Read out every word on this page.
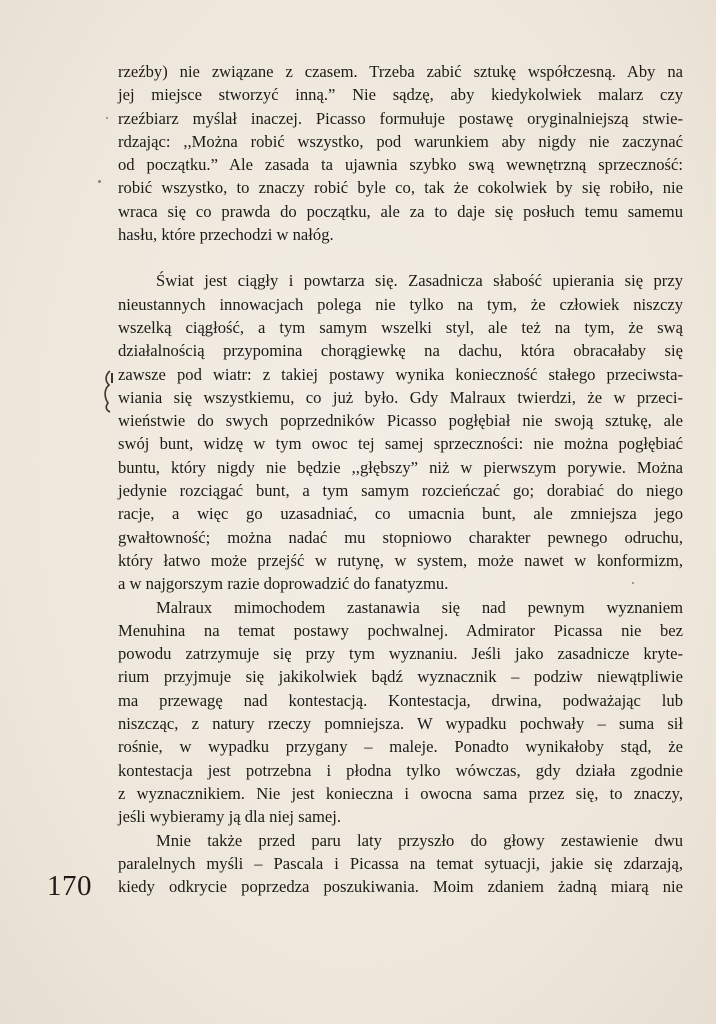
rzeźby) nie związane z czasem. Trzeba zabić sztukę współczesną. Aby na

jej miejsce stworzyć inną.” Nie sądzę, aby kiedykolwiek malarz czy

rzeźbiarz myślał inaczej. Picasso formułuje postawę oryginalniejszą stwie-

rdzając: ,,Można robić wszystko, pod warunkiem aby nigdy nie zaczynać

od początku.” Ale zasada ta ujawnia szybko swą wewnętrzną sprzeczność:

robić wszystko, to znaczy robić byle co, tak że cokolwiek by się robiło, nie

wraca się co prawda do początku, ale za to daje się posłuch temu samemu

hasłu, które przechodzi w nałóg.

Świat jest ciągły i powtarza się. Zasadnicza słabość upierania się przy

nieustannych innowacjach polega nie tylko na tym, że człowiek niszczy

wszelką ciągłość, a tym samym wszelki styl, ale też na tym, że swą

działalnością przypomina chorągiewkę na dachu, która obracałaby się

zawsze pod wiatr: z takiej postawy wynika konieczność stałego przeciwsta-

wiania się wszystkiemu, co już było. Gdy Malraux twierdzi, że w przeci-

wieństwie do swych poprzedników Picasso pogłębiał nie swoją sztukę, ale

swój bunt, widzę w tym owoc tej samej sprzeczności: nie można pogłębiać

buntu, który nigdy nie będzie ,,głębszy” niż w pierwszym porywie. Można

jedynie rozciągać bunt, a tym samym rozcieńczać go; dorabiać do niego

racje, a więc go uzasadniać, co umacnia bunt, ale zmniejsza jego

gwałtowność; można nadać mu stopniowo charakter pewnego odruchu,

który łatwo może przejść w rutynę, w system, może nawet w konformizm,

a w najgorszym razie doprowadzić do fanatyzmu.

Malraux mimochodem zastanawia się nad pewnym wyznaniem

Menuhina na temat postawy pochwalnej. Admirator Picassa nie bez

powodu zatrzymuje się przy tym wyznaniu. Jeśli jako zasadnicze kryte-

rium przyjmuje się jakikolwiek bądź wyznacznik – podziw niewątpliwie

ma przewagę nad kontestacją. Kontestacja, drwina, podważając lub

niszcząc, z natury rzeczy pomniejsza. W wypadku pochwały – suma sił

rośnie, w wypadku przygany – maleje. Ponadto wynikałoby stąd, że

kontestacja jest potrzebna i płodna tylko wówczas, gdy działa zgodnie

z wyznacznikiem. Nie jest konieczna i owocna sama przez się, to znaczy,

jeśli wybieramy ją dla niej samej.

Mnie także przed paru laty przyszło do głowy zestawienie dwu

paralelnych myśli – Pascala i Picassa na temat sytuacji, jakie się zdarzają,

kiedy odkrycie poprzedza poszukiwania. Moim zdaniem żadną miarą nie

170
